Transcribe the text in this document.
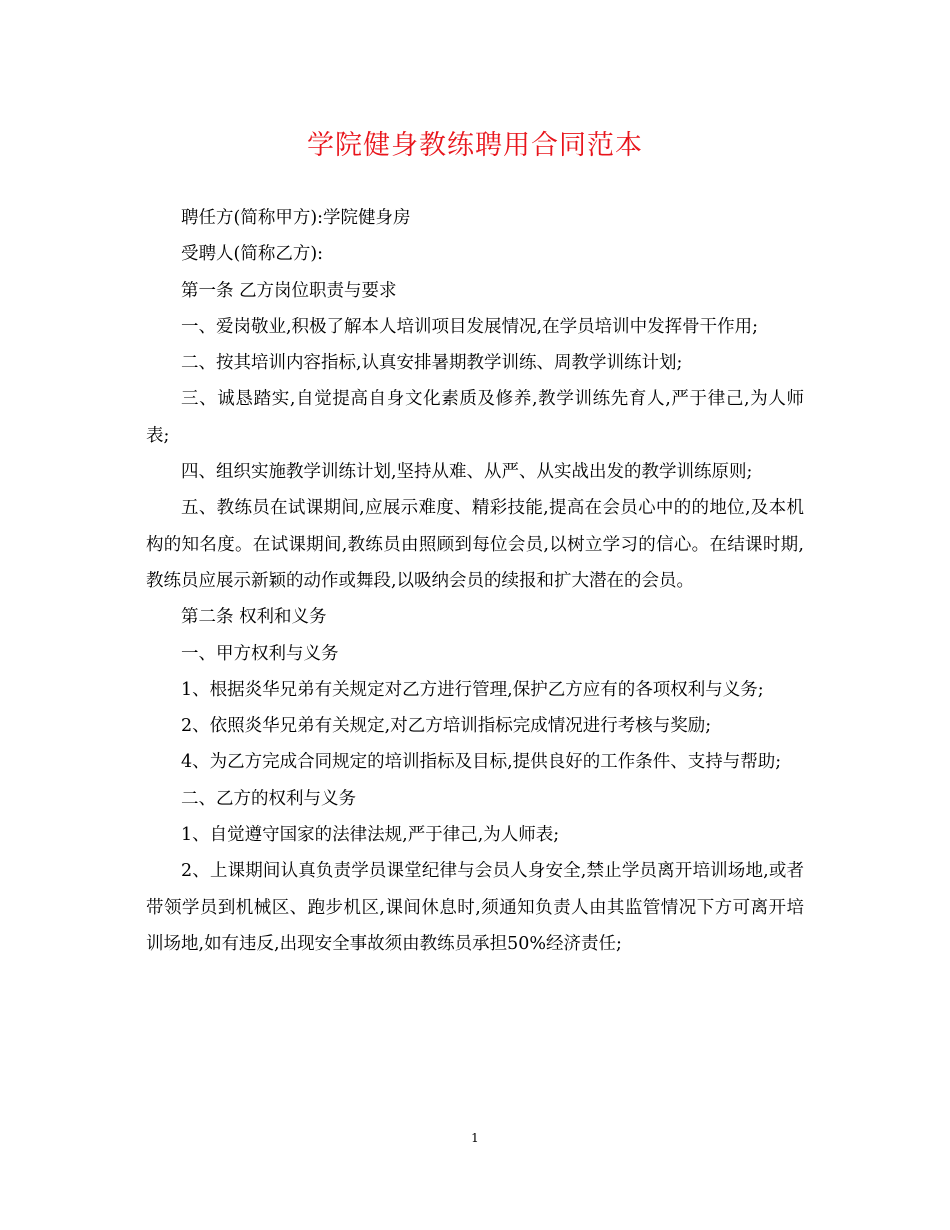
学院健身教练聘用合同范本

聘任方(简称甲方):学院健身房

受聘人(简称乙方):

第一条 乙方岗位职责与要求

一、爱岗敬业,积极了解本人培训项目发展情况,在学员培训中发挥骨干作用;

二、按其培训内容指标,认真安排暑期教学训练、周教学训练计划;

三、诚恳踏实,自觉提高自身文化素质及修养,教学训练先育人,严于律己,为人师表;

四、组织实施教学训练计划,坚持从难、从严、从实战出发的教学训练原则;

五、教练员在试课期间,应展示难度、精彩技能,提高在会员心中的的地位,及本机构的知名度。在试课期间,教练员由照顾到每位会员,以树立学习的信心。在结课时期,教练员应展示新颖的动作或舞段,以吸纳会员的续报和扩大潜在的会员。

第二条 权利和义务

一、甲方权利与义务

1、根据炎华兄弟有关规定对乙方进行管理,保护乙方应有的各项权利与义务;

2、依照炎华兄弟有关规定,对乙方培训指标完成情况进行考核与奖励;

4、为乙方完成合同规定的培训指标及目标,提供良好的工作条件、支持与帮助;

二、乙方的权利与义务

1、自觉遵守国家的法律法规,严于律己,为人师表;

2、上课期间认真负责学员课堂纪律与会员人身安全,禁止学员离开培训场地,或者带领学员到机械区、跑步机区,课间休息时,须通知负责人由其监管情况下方可离开培训场地,如有违反,出现安全事故须由教练员承担50%经济责任;

1
